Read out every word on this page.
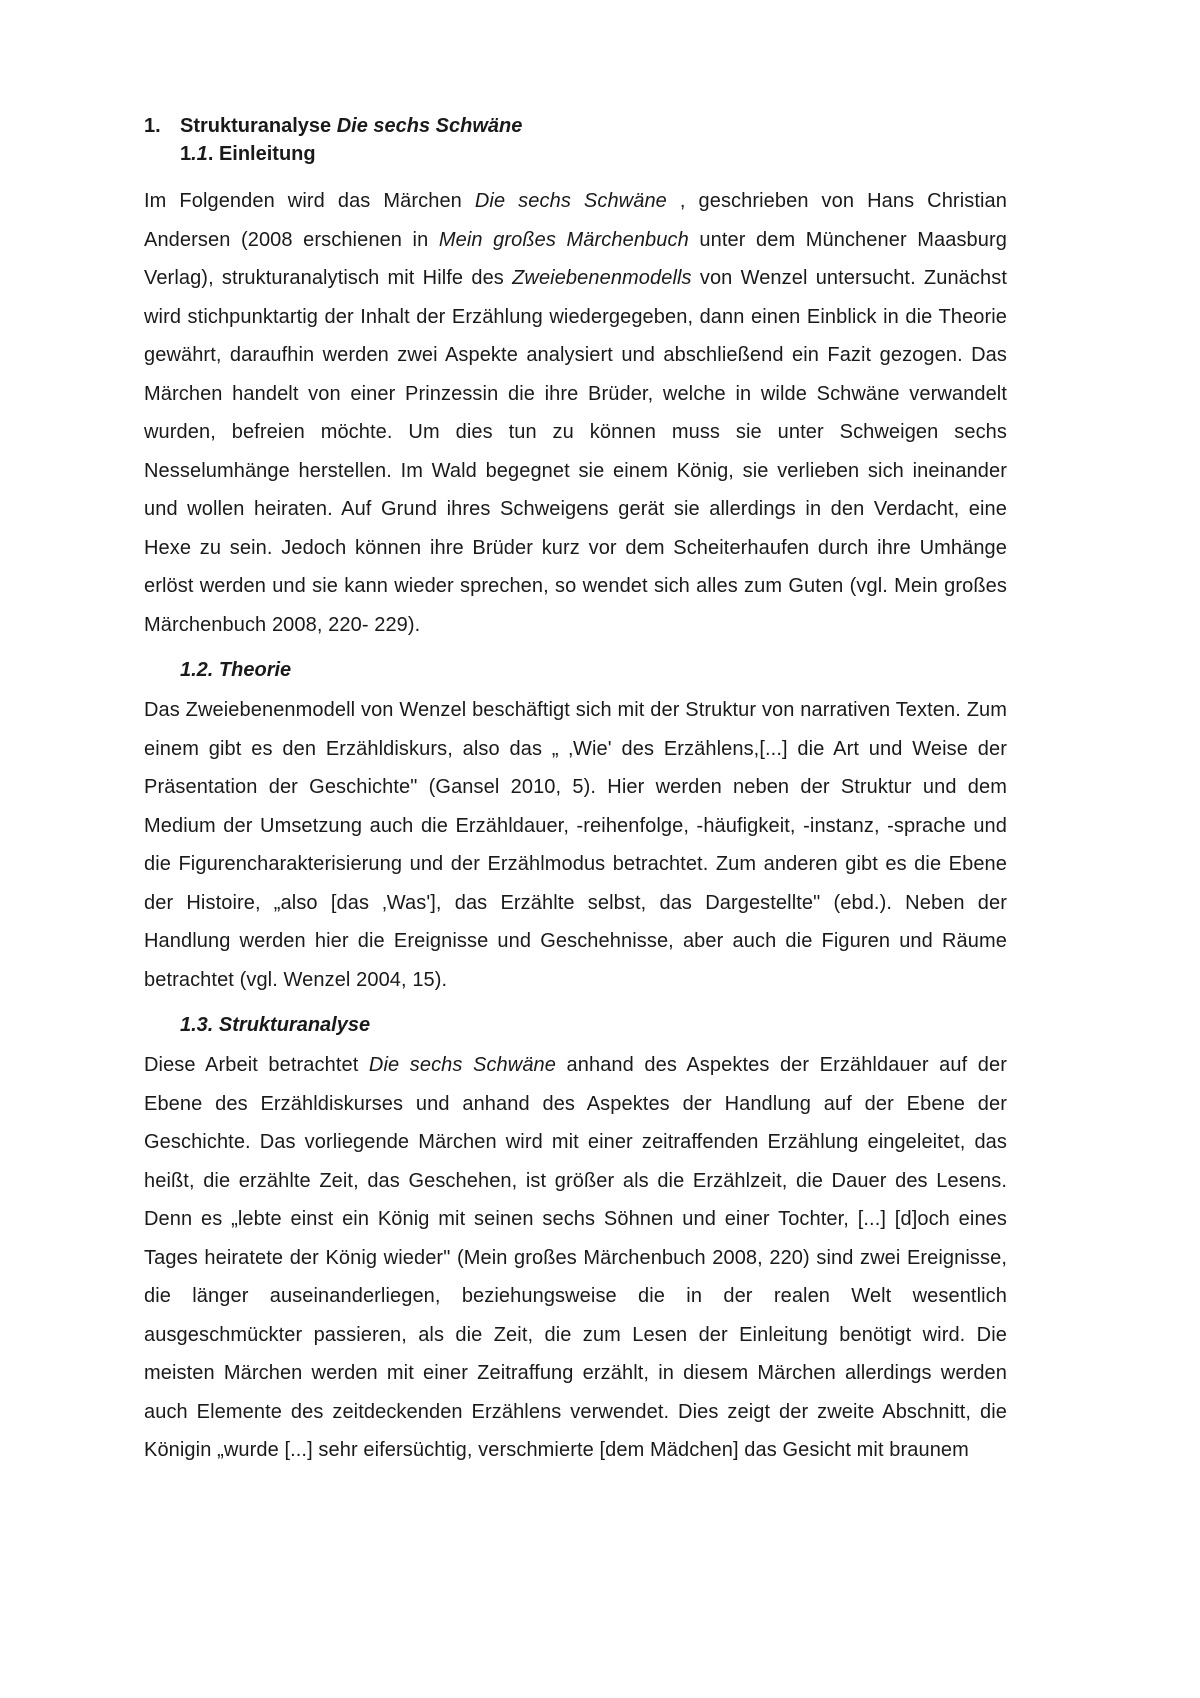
1. Strukturanalyse Die sechs Schwäne
1.1. Einleitung

Im Folgenden wird das Märchen Die sechs Schwäne , geschrieben von Hans Christian Andersen (2008 erschienen in Mein großes Märchenbuch unter dem Münchener Maasburg Verlag), strukturanalytisch mit Hilfe des Zweiebenenmodells von Wenzel untersucht. Zunächst wird stichpunktartig der Inhalt der Erzählung wiedergegeben, dann einen Einblick in die Theorie gewährt, daraufhin werden zwei Aspekte analysiert und abschließend ein Fazit gezogen. Das Märchen handelt von einer Prinzessin die ihre Brüder, welche in wilde Schwäne verwandelt wurden, befreien möchte. Um dies tun zu können muss sie unter Schweigen sechs Nesselumhänge herstellen. Im Wald begegnet sie einem König, sie verlieben sich ineinander und wollen heiraten. Auf Grund ihres Schweigens gerät sie allerdings in den Verdacht, eine Hexe zu sein. Jedoch können ihre Brüder kurz vor dem Scheiterhaufen durch ihre Umhänge erlöst werden und sie kann wieder sprechen, so wendet sich alles zum Guten (vgl. Mein großes Märchenbuch 2008, 220- 229).

1.2. Theorie

Das Zweiebenenmodell von Wenzel beschäftigt sich mit der Struktur von narrativen Texten. Zum einem gibt es den Erzähldiskurs, also das „ ‚Wie' des Erzählens,[...] die Art und Weise der Präsentation der Geschichte" (Gansel 2010, 5). Hier werden neben der Struktur und dem Medium der Umsetzung auch die Erzähldauer, -reihenfolge, -häufigkeit, -instanz, -sprache und die Figurencharakterisierung und der Erzählmodus betrachtet. Zum anderen gibt es die Ebene der Histoire, „also [das ‚Was'], das Erzählte selbst, das Dargestellte" (ebd.). Neben der Handlung werden hier die Ereignisse und Geschehnisse, aber auch die Figuren und Räume betrachtet (vgl. Wenzel 2004, 15).

1.3. Strukturanalyse

Diese Arbeit betrachtet Die sechs Schwäne anhand des Aspektes der Erzähldauer auf der Ebene des Erzähldiskurses und anhand des Aspektes der Handlung auf der Ebene der Geschichte. Das vorliegende Märchen wird mit einer zeitraffenden Erzählung eingeleitet, das heißt, die erzählte Zeit, das Geschehen, ist größer als die Erzählzeit, die Dauer des Lesens. Denn es „lebte einst ein König mit seinen sechs Söhnen und einer Tochter, [...] [d]och eines Tages heiratete der König wieder" (Mein großes Märchenbuch 2008, 220) sind zwei Ereignisse, die länger auseinanderliegen, beziehungsweise die in der realen Welt wesentlich ausgeschmückter passieren, als die Zeit, die zum Lesen der Einleitung benötigt wird. Die meisten Märchen werden mit einer Zeitraffung erzählt, in diesem Märchen allerdings werden auch Elemente des zeitdeckenden Erzählens verwendet. Dies zeigt der zweite Abschnitt, die Königin „wurde [...] sehr eifersüchtig, verschmierte [dem Mädchen] das Gesicht mit braunem
